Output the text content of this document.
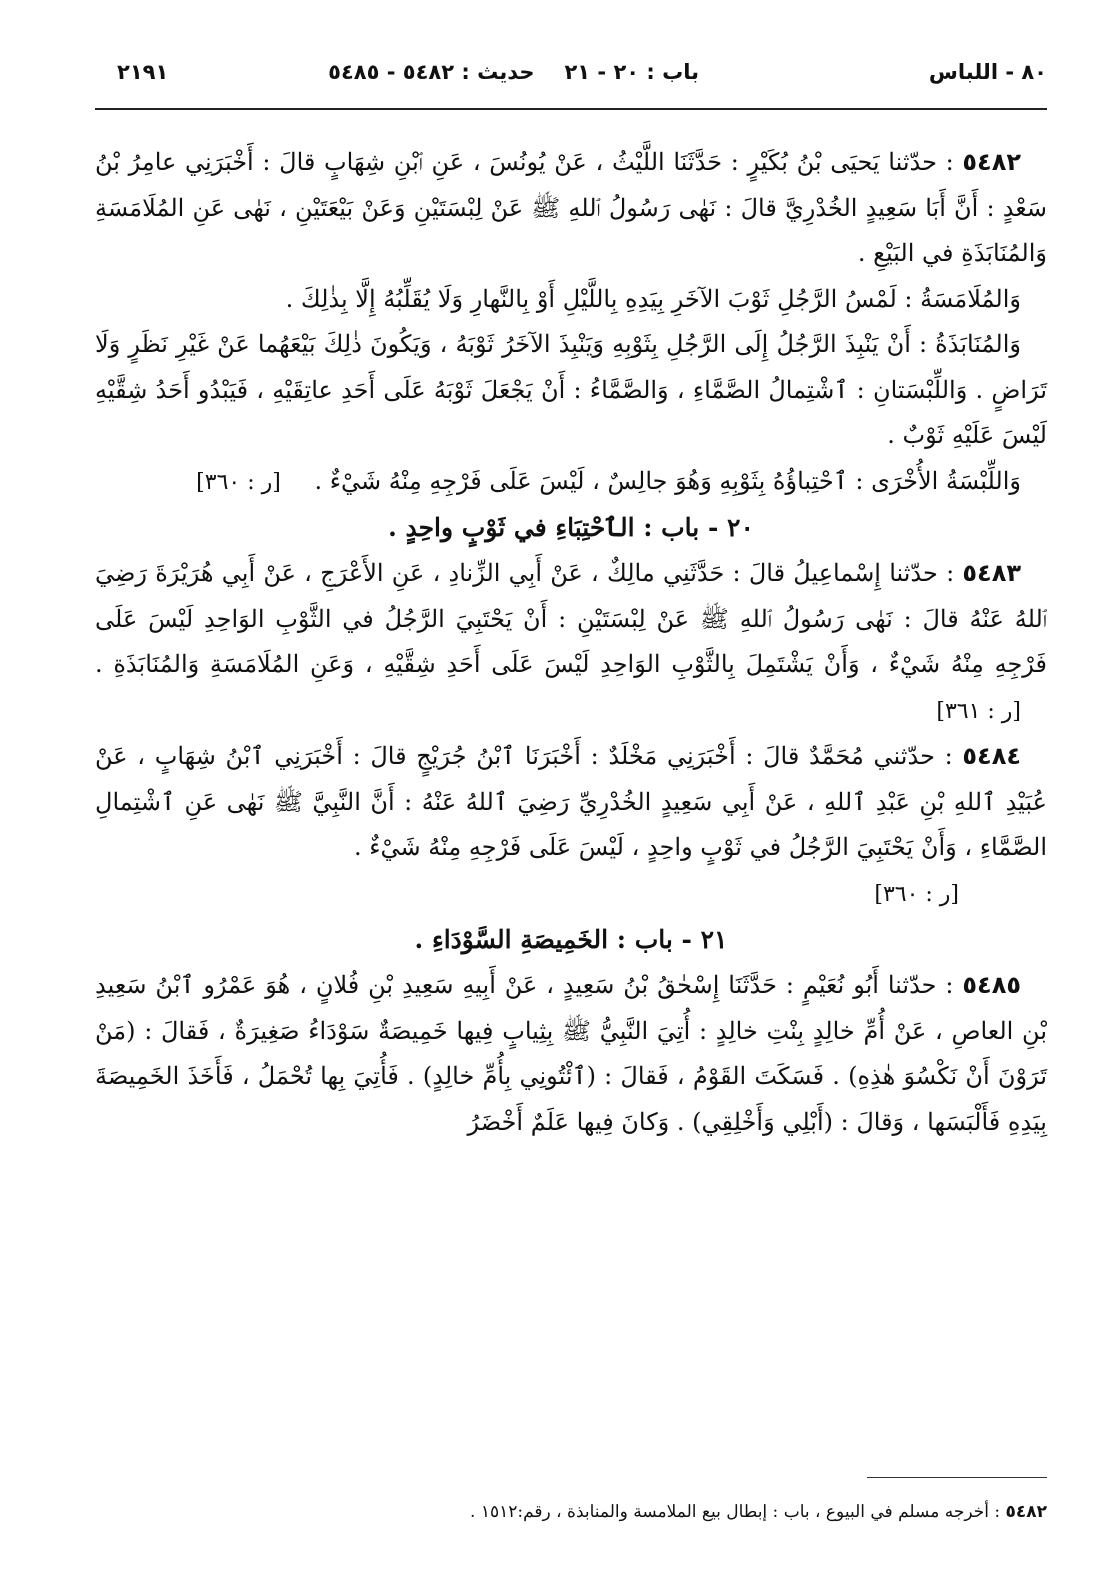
٨٠ - اللباس
باب : ٢٠ - ٢١حديث : ٥٤٨٢ - ٥٤٨٥
٢١٩١

٥٤٨٢ : حدّثنا يَحيَى بْنُ بُكَيْرٍ : حَدَّثَنَا اللَّيْثُ ، عَنْ يُونُسَ ، عَنِ ٱبْنِ شِهَابٍ قالَ : أَخْبَرَنِي عامِرُ بْنُ سَعْدٍ : أَنَّ أَبَا سَعِيدٍ الخُدْرِيَّ قالَ : نَهٰى رَسُولُ ٱللهِ ﷺ عَنْ لِبْسَتَيْنِ وَعَنْ بَيْعَتَيْنِ ، نَهٰى عَنِ المُلَامَسَةِ وَالمُنَابَذَةِ في البَيْعِ .

وَالمُلَامَسَةُ : لَمْسُ الرَّجُلِ ثَوْبَ الآخَرِ بِيَدِهِ بِاللَّيْلِ أَوْ بِالنَّهارِ وَلَا يُقَلِّبُهُ إِلَّا بِذٰلِكَ .

وَالمُنَابَذَةُ : أَنْ يَنْبِذَ الرَّجُلُ إِلَى الرَّجُلِ بِثَوْبِهِ وَيَنْبِذَ الآخَرُ ثَوْبَهُ ، وَيَكُونَ ذٰلِكَ بَيْعَهُما عَنْ غَيْرِ نَظَرٍ وَلَا تَرَاضٍ . وَاللِّبْسَتانِ : ٱشْتِمالُ الصَّمَّاءِ ، وَالصَّمَّاءُ : أَنْ يَجْعَلَ ثَوْبَهُ عَلَى أَحَدِ عاتِقَيْهِ ، فَيَبْدُو أَحَدُ شِقَّيْهِ لَيْسَ عَلَيْهِ ثَوْبٌ .

وَاللِّبْسَةُ الأُخْرَى : ٱحْتِباؤُهُ بِثَوْبِهِ وَهُوَ جالِسٌ ، لَيْسَ عَلَى فَرْجِهِ مِنْهُ شَيْءٌ . [ر : ٣٦٠]

٢٠ - باب : الٱحْتِبَاءِ في ثَوْبٍ واحِدٍ .

٥٤٨٣ : حدّثنا إِسْماعِيلُ قالَ : حَدَّثَنِي مالِكٌ ، عَنْ أَبِي الزِّنادِ ، عَنِ الأَعْرَجِ ، عَنْ أَبِي هُرَيْرَةَ رَضِيَ ٱللهُ عَنْهُ قالَ : نَهٰى رَسُولُ ٱللهِ ﷺ عَنْ لِبْسَتَيْنِ : أَنْ يَحْتَبِيَ الرَّجُلُ في الثَّوْبِ الوَاحِدِ لَيْسَ عَلَى فَرْجِهِ مِنْهُ شَيْءٌ ، وَأَنْ يَشْتَمِلَ بِالثَّوْبِ الوَاحِدِ لَيْسَ عَلَى أَحَدِ شِقَّيْهِ ، وَعَنِ المُلَامَسَةِ وَالمُنَابَذَةِ . [ر : ٣٦١]

٥٤٨٤ : حدّثني مُحَمَّدٌ قالَ : أَخْبَرَنِي مَخْلَدٌ : أَخْبَرَنَا ٱبْنُ جُرَيْجٍ قالَ : أَخْبَرَنِي ٱبْنُ شِهَابٍ ، عَنْ عُبَيْدِ ٱللهِ بْنِ عَبْدِ ٱللهِ ، عَنْ أَبِي سَعِيدٍ الخُدْرِيِّ رَضِيَ ٱللهُ عَنْهُ : أَنَّ النَّبِيَّ ﷺ نَهٰى عَنِ ٱشْتِمالِ الصَّمَّاءِ ، وَأَنْ يَحْتَبِيَ الرَّجُلُ في ثَوْبٍ واحِدٍ ، لَيْسَ عَلَى فَرْجِهِ مِنْهُ شَيْءٌ .

[ر : ٣٦٠]

٢١ - باب : الخَمِيصَةِ السَّوْدَاءِ .

٥٤٨٥ : حدّثنا أَبُو نُعَيْمٍ : حَدَّثَنَا إِسْحٰقُ بْنُ سَعِيدٍ ، عَنْ أَبِيهِ سَعِيدِ بْنِ فُلانٍ ، هُوَ عَمْرُو ٱبْنُ سَعِيدِ بْنِ العاصِ ، عَنْ أُمِّ خالِدٍ بِنْتِ خالِدٍ : أُتِيَ النَّبِيُّ ﷺ بِثِيابٍ فِيها خَمِيصَةٌ سَوْدَاءُ صَغِيرَةٌ ، فَقالَ : (مَنْ تَرَوْنَ أَنْ نَكْسُوَ هٰذِهِ) . فَسَكَتَ القَوْمُ ، فَقالَ : (ٱئْتُونِي بِأُمِّ خالِدٍ) . فَأُتِيَ بِها تُحْمَلُ ، فَأَخَذَ الخَمِيصَةَ بِيَدِهِ فَأَلْبَسَها ، وَقالَ : (أَبْلِي وَأَخْلِقِي) . وَكانَ فِيها عَلَمٌ أَخْضَرُ

٥٤٨٢ : أخرجه مسلم في البيوع ، باب : إبطال بيع الملامسة والمنابذة ، رقم:١٥١٢ .
